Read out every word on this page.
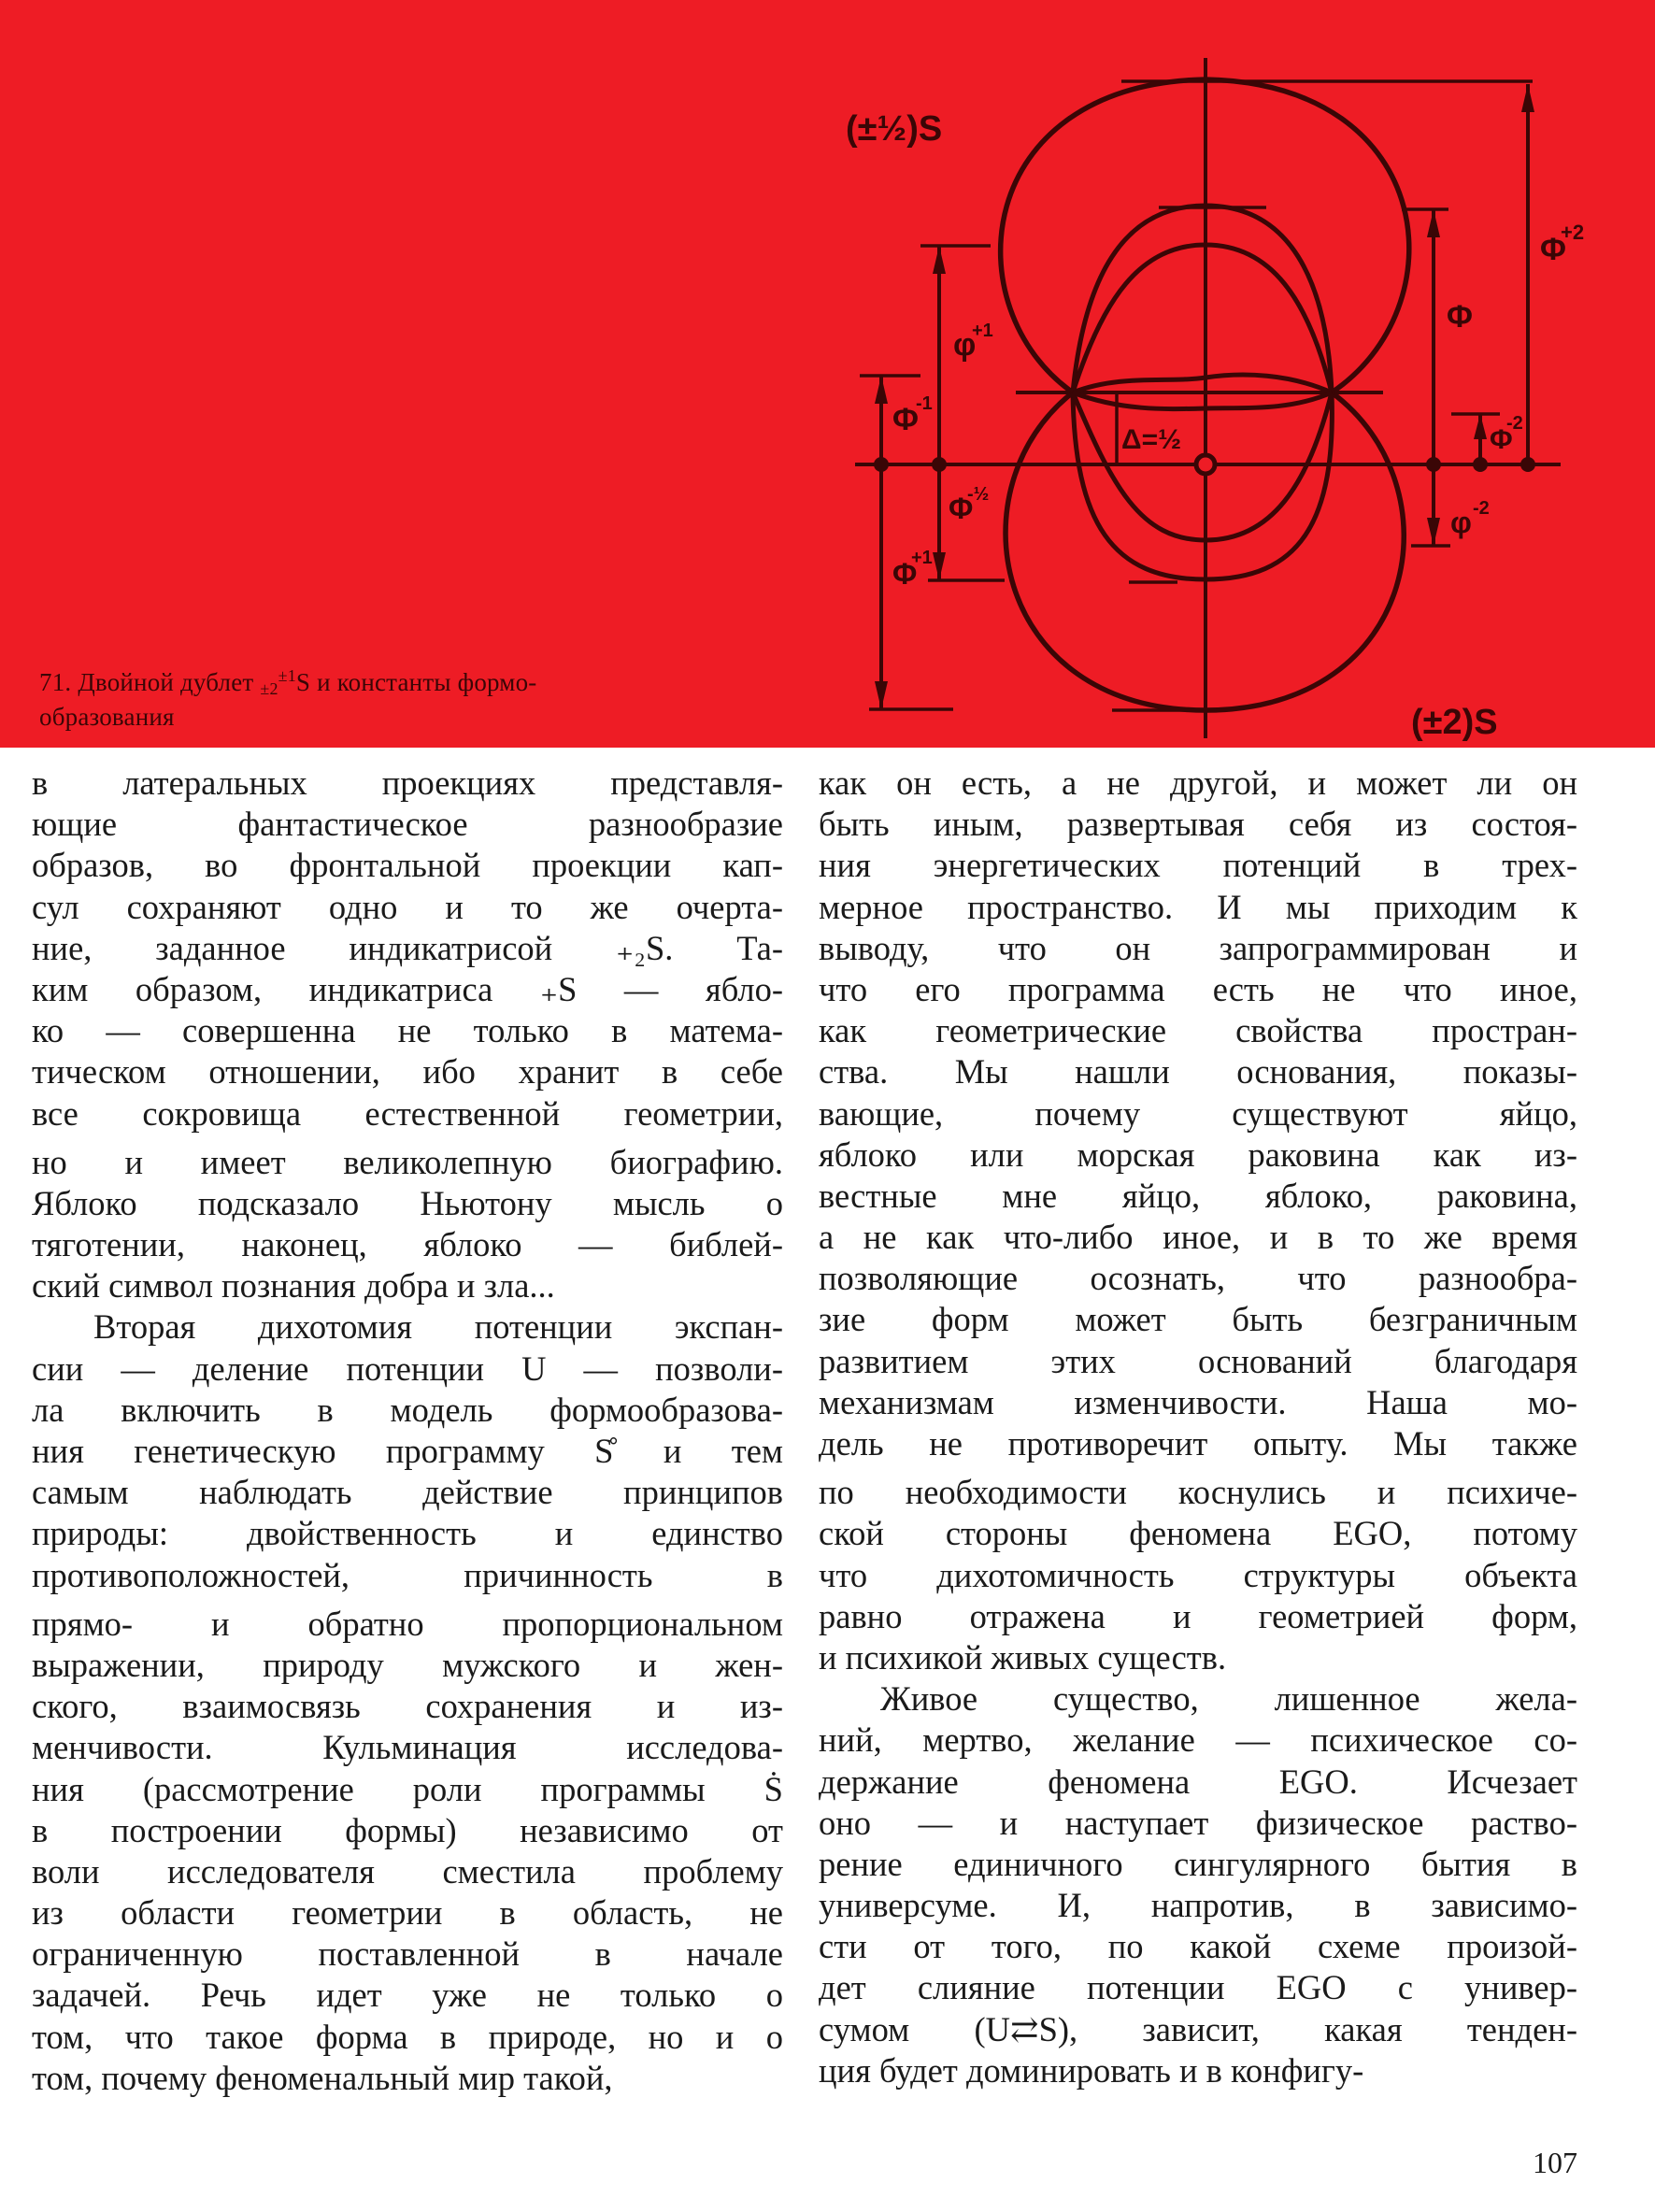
(±½)S
(±2)S
Δ=½
Φ
+2
Φ
Φ
-2
φ -2
φ
+1
Φ
-1
Φ
-½
Φ
+1
71. Двойной дублет $_{\pm 2}^{\pm 1}$S и константы формо-
образования
в латеральных проекциях представля-
ющие фантастическое разнообразие
образов, во фронтальной проекции кап-
сул сохраняют одно и то же очерта-
ние, заданное индикатрисой ₊₂S. Та-
ким образом, индикатриса ₊S — ябло-
ко — совершенна не только в матема-
тическом отношении, ибо хранит в себе
все сокровища естественной геометрии,
но и имеет великолепную биографию.
Яблоко подсказало Ньютону мысль о
тяготении, наконец, яблоко — библей-
ский символ познания добра и зла...
Вторая дихотомия потенции экспан-
сии — деление потенции U — позволи-
ла включить в модель формообразова-
ния генетическую программу S̊ и тем
самым наблюдать действие принципов
природы: двойственность и единство
противоположностей, причинность в
прямо- и обратно пропорциональном
выражении, природу мужского и жен-
ского, взаимосвязь сохранения и из-
менчивости. Кульминация исследова-
ния (рассмотрение роли программы Ṡ
в построении формы) независимо от
воли исследователя сместила проблему
из области геометрии в область, не
ограниченную поставленной в начале
задачей. Речь идет уже не только о
том, что такое форма в природе, но и о
том, почему феноменальный мир такой,
как он есть, а не другой, и может ли он
быть иным, развертывая себя из состоя-
ния энергетических потенций в трех-
мерное пространство. И мы приходим к
выводу, что он запрограммирован и
что его программа есть не что иное,
как геометрические свойства простран-
ства. Мы нашли основания, показы-
вающие, почему существуют яйцо,
яблоко или морская раковина как из-
вестные мне яйцо, яблоко, раковина,
а не как что-либо иное, и в то же время
позволяющие осознать, что разнообра-
зие форм может быть безграничным
развитием этих оснований благодаря
механизмам изменчивости. Наша мо-
дель не противоречит опыту. Мы также
по необходимости коснулись и психиче-
ской стороны феномена EGO, потому
что дихотомичность структуры объекта
равно отражена и геометрией форм,
и психикой живых существ.
Живое существо, лишенное жела-
ний, мертво, желание — психическое со-
держание феномена EGO. Исчезает
оно — и наступает физическое раство-
рение единичного сингулярного бытия в
универсуме. И, напротив, в зависимо-
сти от того, по какой схеме произой-
дет слияние потенции EGO с универ-
сумом (U⇄S), зависит, какая тенден-
ция будет доминировать и в конфигу-
107
